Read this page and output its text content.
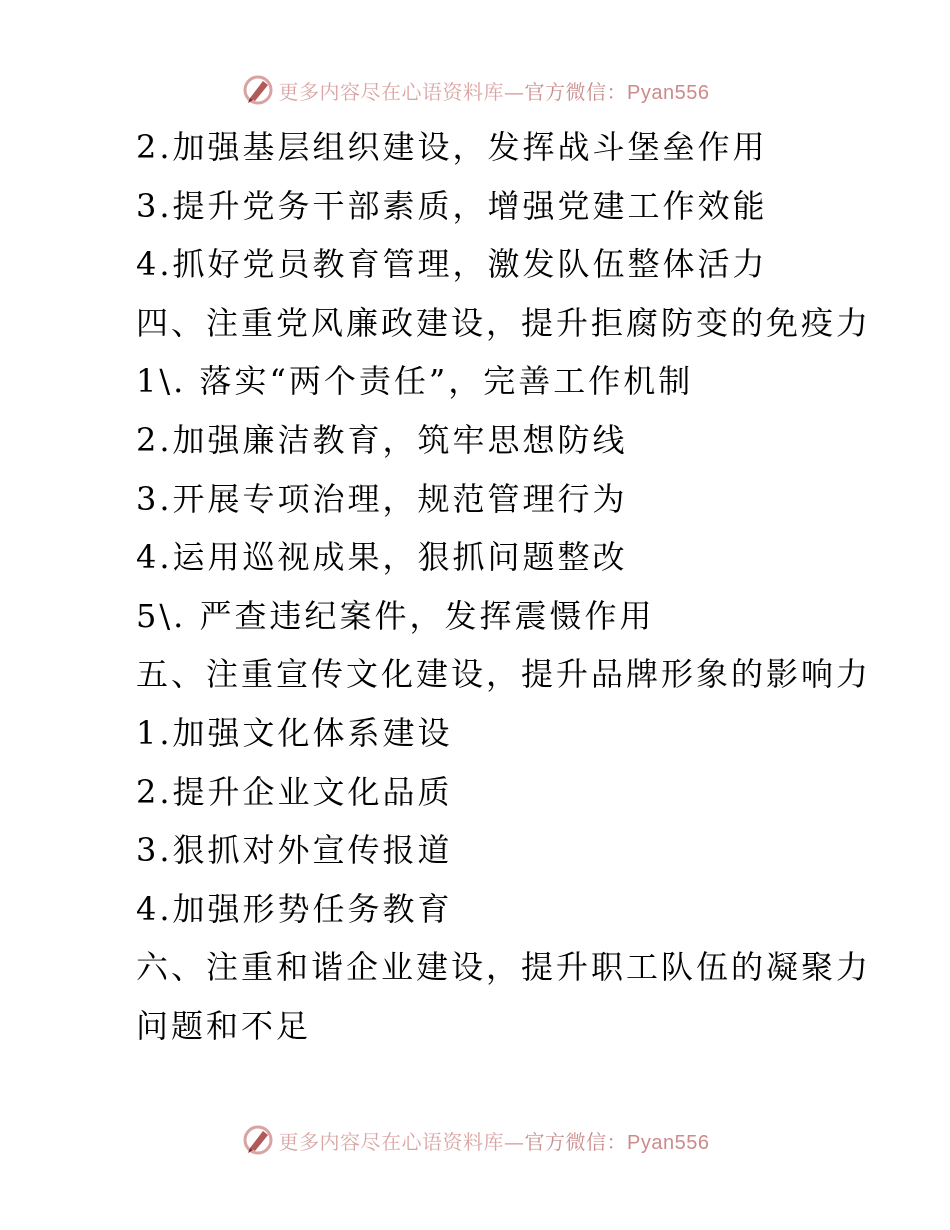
更多内容尽在心语资料库—官方微信：Pyan556
2.加强基层组织建设，发挥战斗堡垒作用
3.提升党务干部素质，增强党建工作效能
4.抓好党员教育管理，激发队伍整体活力
四、注重党风廉政建设，提升拒腐防变的免疫力
1\. 落实“两个责任”，完善工作机制
2.加强廉洁教育，筑牢思想防线
3.开展专项治理，规范管理行为
4.运用巡视成果，狠抓问题整改
5\. 严查违纪案件，发挥震慑作用
五、注重宣传文化建设，提升品牌形象的影响力
1.加强文化体系建设
2.提升企业文化品质
3.狠抓对外宣传报道
4.加强形势任务教育
六、注重和谐企业建设，提升职工队伍的凝聚力
问题和不足
更多内容尽在心语资料库—官方微信：Pyan556
